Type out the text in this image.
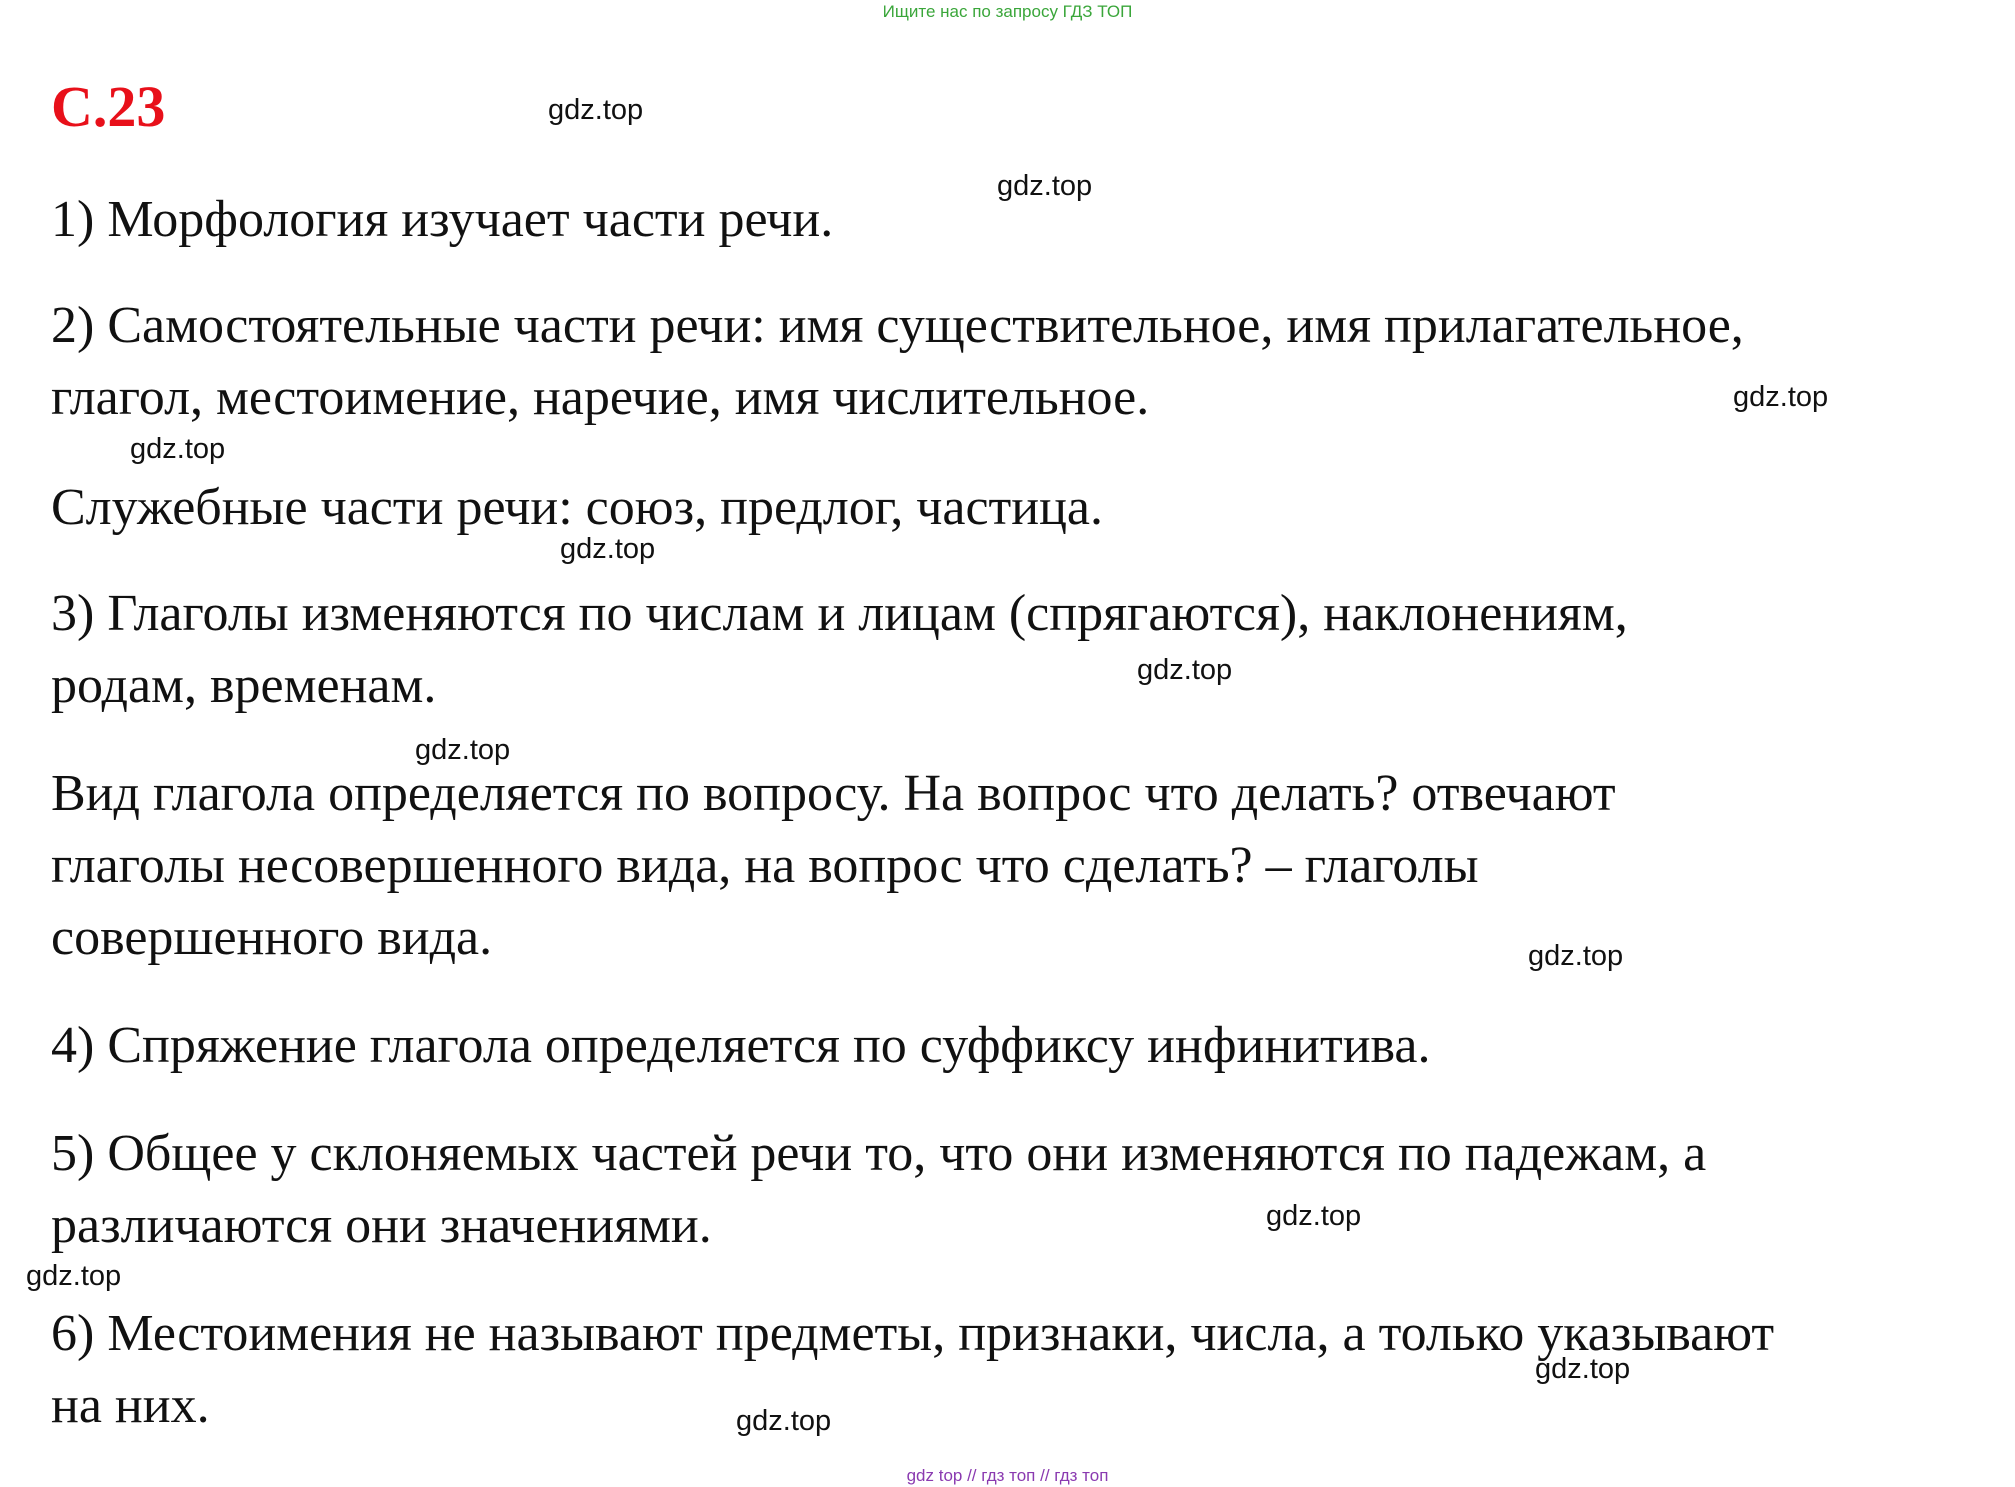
Ищите нас по запросу ГДЗ ТОП
С.23
1) Морфология изучает части речи.
2) Самостоятельные части речи: имя существительное, имя прилагательное,
глагол, местоимение, наречие, имя числительное.
Служебные части речи: союз, предлог, частица.
3) Глаголы изменяются по числам и лицам (спрягаются), наклонениям,
родам, временам.
Вид глагола определяется по вопросу. На вопрос что делать? отвечают
глаголы несовершенного вида, на вопрос что сделать? – глаголы
совершенного вида.
4) Спряжение глагола определяется по суффиксу инфинитива.
5) Общее у склоняемых частей речи то, что они изменяются по падежам, а
различаются они значениями.
6) Местоимения не называют предметы, признаки, числа, а только указывают
на них.
gdz.top
gdz.top
gdz.top
gdz.top
gdz.top
gdz.top
gdz.top
gdz.top
gdz.top
gdz.top
gdz.top
gdz.top
gdz top // гдз топ // гдз топ
